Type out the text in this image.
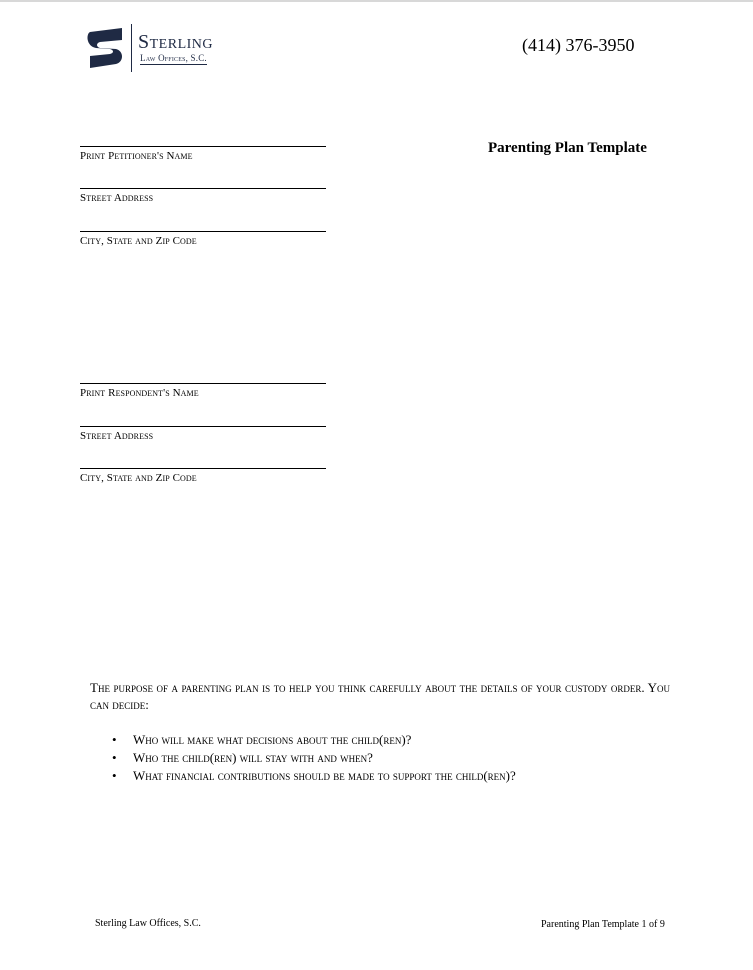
Sterling
Law Offices, S.C.
(414) 376-3950
Parenting Plan Template
Print Petitioner's Name
Street Address
City, State and Zip Code
Print Respondent's Name
Street Address
City, State and Zip Code
The purpose of a parenting plan is to help you think carefully about the details of your custody order. You can decide:
• Who will make what decisions about the child(ren)?
• Who the child(ren) will stay with and when?
• What financial contributions should be made to support the child(ren)?
Sterling Law Offices, S.C.	Parenting Plan Template 1 of 9
